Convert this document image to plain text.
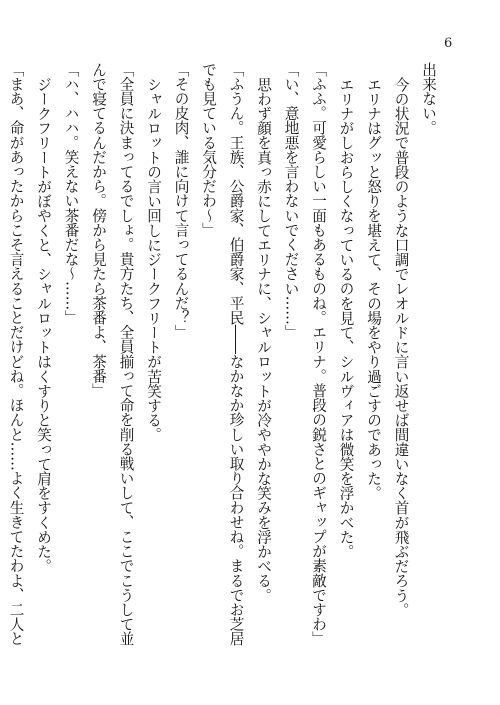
6
出来ない。
今の状況で普段のような口調でレオルドに言い返せば間違いなく首が飛ぶだろう。
エリナはグッと怒りを堪えて、その場をやり過ごすのであった。
エリナがしおらしくなっているのを見て、シルヴィアは微笑を浮かべた。
「ふふ。可愛らしい一面もあるものね。エリナ。普段の鋭さとのギャップが素敵ですわ」
「い、意地悪を言わないでください……」
思わず顔を真っ赤にしてエリナに、シャルロットが冷ややかな笑みを浮かべる。
「ふうん。王族、公爵家、伯爵家、平民――なかなか珍しい取り合わせね。まるでお芝居
でも見ている気分だわ～」
「その皮肉、誰に向けて言ってるんだ？」
シャルロットの言い回しにジークフリートが苦笑する。
「全員に決まってるでしょ。貴方たち、全員揃って命を削る戦いして、ここでこうして並
んで寝てるんだから。傍から見たら茶番よ、茶番」
「ハ、ハハ。笑えない茶番だな～……」
ジークフリートがぼやくと、シャルロットはくすりと笑って肩をすくめた。
「まあ、命があったからこそ言えることだけどね。ほんと……よく生きてたわよ、二人と
